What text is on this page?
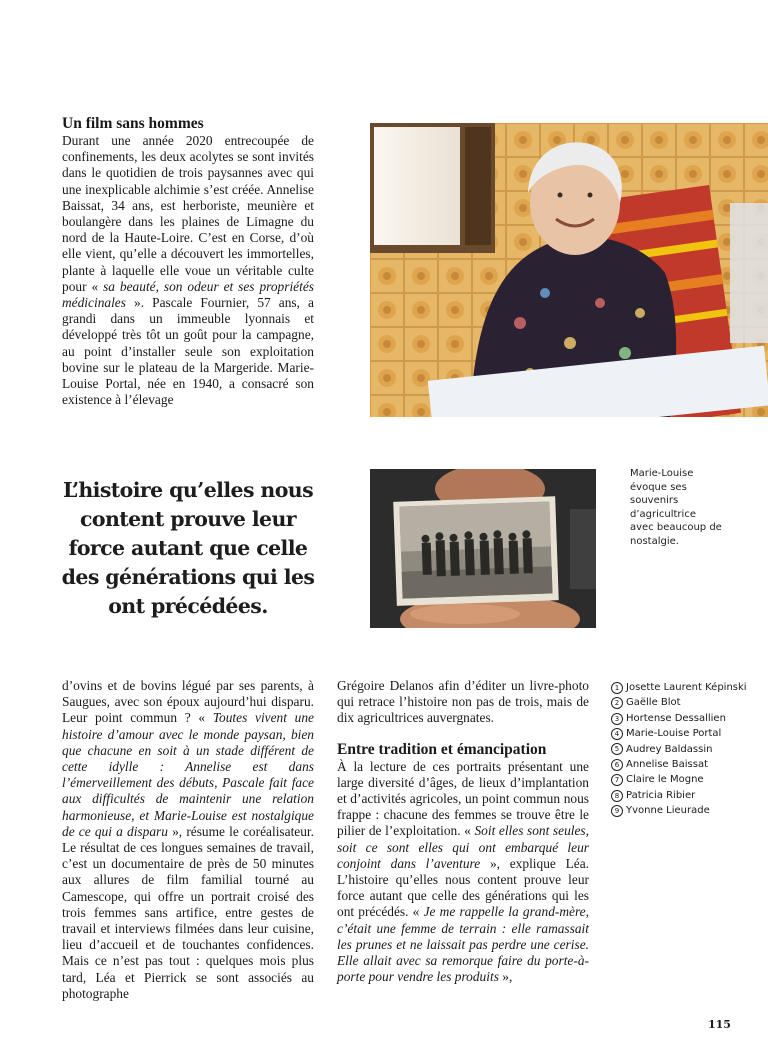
Un film sans hommes

Durant une année 2020 entrecoupée de confinements, les deux acolytes se sont invités dans le quotidien de trois paysannes avec qui une inexplicable alchimie s’est créée. Annelise Baissat, 34 ans, est herboriste, meunière et boulangère dans les plaines de Limagne du nord de la Haute-Loire. C’est en Corse, d’où elle vient, qu’elle a découvert les immortelles, plante à laquelle elle voue un véritable culte pour « sa beauté, son odeur et ses propriétés médicinales ». Pascale Fournier, 57 ans, a grandi dans un immeuble lyonnais et développé très tôt un goût pour la campagne, au point d’installer seule son exploitation bovine sur le plateau de la Margeride. Marie-Louise Portal, née en 1940, a consacré son existence à l’élevage

L’histoire qu’elles nous content prouve leur force autant que celle des générations qui les ont précédées.
Marie-Louise évoque ses souvenirs d’agricultrice avec beaucoup de nostalgie.

d’ovins et de bovins légué par ses parents, à Saugues, avec son époux aujourd’hui disparu. Leur point commun ? « Toutes vivent une histoire d’amour avec le monde paysan, bien que chacune en soit à un stade différent de cette idylle : Annelise est dans l’émerveillement des débuts, Pascale fait face aux difficultés de maintenir une relation harmonieuse, et Marie-Louise est nostalgique de ce qui a disparu », résume le coréalisateur. Le résultat de ces longues semaines de travail, c’est un documentaire de près de 50 minutes aux allures de film familial tourné au Camescope, qui offre un portrait croisé des trois femmes sans artifice, entre gestes de travail et interviews filmées dans leur cuisine, lieu d’accueil et de touchantes confidences. Mais ce n’est pas tout : quelques mois plus tard, Léa et Pierrick se sont associés au photographe

Grégoire Delanos afin d’éditer un livre-photo qui retrace l’histoire non pas de trois, mais de dix agricultrices auvergnates.

Entre tradition et émancipation

À la lecture de ces portraits présentant une large diversité d’âges, de lieux d’implantation et d’activités agricoles, un point commun nous frappe : chacune des femmes se trouve être le pilier de l’exploitation. « Soit elles sont seules, soit ce sont elles qui ont embarqué leur conjoint dans l’aventure », explique Léa. L’histoire qu’elles nous content prouve leur force autant que celle des générations qui les ont précédés. « Je me rappelle la grand-mère, c’était une femme de terrain : elle ramassait les prunes et ne laissait pas perdre une cerise. Elle allait avec sa remorque faire du porte-à-porte pour vendre les produits »,

1 Josette Laurent Képinski
2 Gaëlle Blot
3 Hortense Dessallien
4 Marie-Louise Portal
5 Audrey Baldassin
6 Annelise Baissat
7 Claire le Mogne
8 Patricia Ribier
9 Yvonne Lieurade
115
